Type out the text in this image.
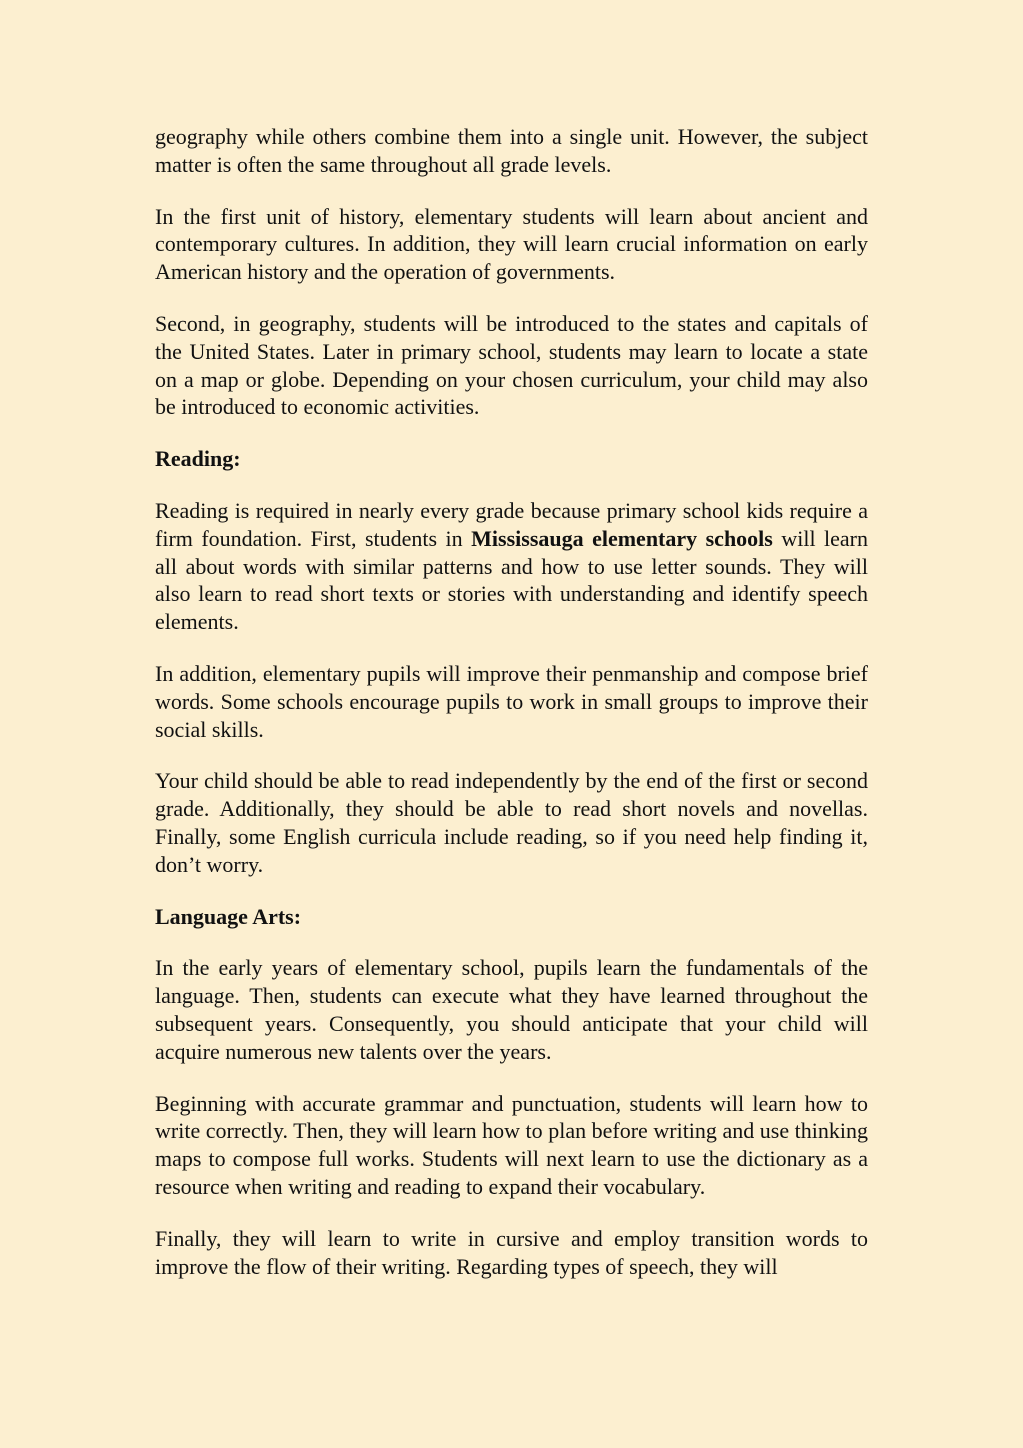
geography while others combine them into a single unit. However, the subject matter is often the same throughout all grade levels.

In the first unit of history, elementary students will learn about ancient and contemporary cultures. In addition, they will learn crucial information on early American history and the operation of governments.

Second, in geography, students will be introduced to the states and capitals of the United States. Later in primary school, students may learn to locate a state on a map or globe. Depending on your chosen curriculum, your child may also be introduced to economic activities.

Reading:

Reading is required in nearly every grade because primary school kids require a firm foundation. First, students in Mississauga elementary schools will learn all about words with similar patterns and how to use letter sounds. They will also learn to read short texts or stories with understanding and identify speech elements.

In addition, elementary pupils will improve their penmanship and compose brief words. Some schools encourage pupils to work in small groups to improve their social skills.

Your child should be able to read independently by the end of the first or second grade. Additionally, they should be able to read short novels and novellas. Finally, some English curricula include reading, so if you need help finding it, don’t worry.

Language Arts:

In the early years of elementary school, pupils learn the fundamentals of the language. Then, students can execute what they have learned throughout the subsequent years. Consequently, you should anticipate that your child will acquire numerous new talents over the years.

Beginning with accurate grammar and punctuation, students will learn how to write correctly. Then, they will learn how to plan before writing and use thinking maps to compose full works. Students will next learn to use the dictionary as a resource when writing and reading to expand their vocabulary.

Finally, they will learn to write in cursive and employ transition words to improve the flow of their writing. Regarding types of speech, they will
